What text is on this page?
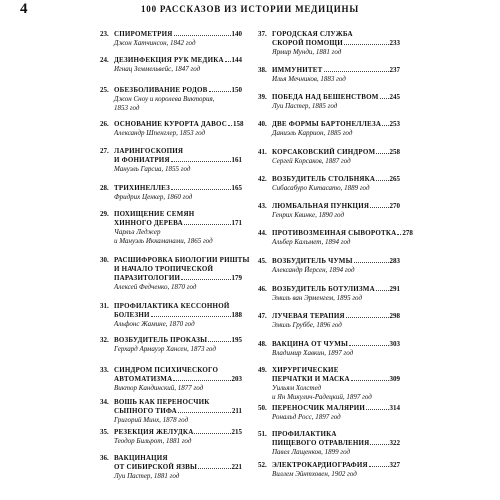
4	100 РАССКАЗОВ ИЗ ИСТОРИИ МЕДИЦИНЫ
23. СПИРОМЕТРИЯ	140
Джон Хатчинсон, 1842 год
24. ДЕЗИНФЕКЦИЯ РУК МЕДИКА 144
Игнац Земмельвейс, 1847 год
25. ОБЕЗБОЛИВАНИЕ РОДОВ	150
Джон Сноу и королева Виктория,
1853 год
26. ОСНОВАНИЕ КУРОРТА ДАВОС 158
Александр Шпенглер, 1853 год
27. ЛАРИНГОСКОПИЯ
И ФОНИАТРИЯ	161
Мануэль Гарсиа, 1855 год
28. ТРИХИНЕЛЛЕЗ	165
Фридрих Ценкер, 1860 год
29. ПОХИЩЕНИЕ СЕМЯН
ХИННОГО ДЕРЕВА	171
Чарльз Леджер
и Мануэль Иккаманами, 1865 год
30. РАСШИФРОВКА БИОЛОГИИ РИШТЫ
И НАЧАЛО ТРОПИЧЕСКОЙ
ПАРАЗИТОЛОГИИ	179
Алексей Федченко, 1870 год
31. ПРОФИЛАКТИКА КЕССОННОЙ
БОЛЕЗНИ	188
Альфонс Жамине, 1870 год
32. ВОЗБУДИТЕЛЬ ПРОКАЗЫ	195
Герхард Армауэр Хансен, 1873 год
33. СИНДРОМ ПСИХИЧЕСКОГО
АВТОМАТИЗМА	203
Виктор Кандинский, 1877 год
34. ВОШЬ КАК ПЕРЕНОСЧИК
СЫПНОГО ТИФА	211
Григорий Минх, 1878 год
35. РЕЗЕКЦИЯ ЖЕЛУДКА	215
Теодор Бильрот, 1881 год
36. ВАКЦИНАЦИЯ
ОТ СИБИРСКОЙ ЯЗВЫ	221
Луи Пастер, 1881 год
37. ГОРОДСКАЯ СЛУЖБА
СКОРОЙ ПОМОЩИ	233
Ярмир Мунди, 1881 год
38. ИММУНИТЕТ	237
Илья Мечников, 1883 год
39. ПОБЕДА НАД БЕШЕНСТВОМ 245
Луи Пастер, 1885 год
40. ДВЕ ФОРМЫ БАРТОНЕЛЛЕЗА 253
Даниэль Каррион, 1885 год
41. КОРСАКОВСКИЙ СИНДРОМ 258
Сергей Корсаков, 1887 год
42. ВОЗБУДИТЕЛЬ СТОЛБНЯКА 265
Сибасабуро Китасато, 1889 год
43. ЛЮМБАЛЬНАЯ ПУНКЦИЯ	270
Генрих Квинке, 1890 год
44. ПРОТИВОЗМЕИНАЯ СЫВОРОТКА 278
Альбер Кальмет, 1894 год
45. ВОЗБУДИТЕЛЬ ЧУМЫ	283
Александр Йерсен, 1894 год
46. ВОЗБУДИТЕЛЬ БОТУЛИЗМА 291
Эмиль ван Эрменгем, 1895 год
47. ЛУЧЕВАЯ ТЕРАПИЯ	298
Эмиль Груббе, 1896 год
48. ВАКЦИНА ОТ ЧУМЫ	303
Владимир Хавкин, 1897 год
49. ХИРУРГИЧЕСКИЕ
ПЕРЧАТКИ И МАСКА	309
Уильям Холстед
и Ян Микулич-Радецкий, 1897 год
50. ПЕРЕНОСЧИК МАЛЯРИИ	314
Рональд Росс, 1897 год
51. ПРОФИЛАКТИКА
ПИЩЕВОГО ОТРАВЛЕНИЯ	322
Павел Лащенков, 1899 год
52. ЭЛЕКТРОКАРДИОГРАФИЯ	327
Виллем Эйнтховен, 1902 год
